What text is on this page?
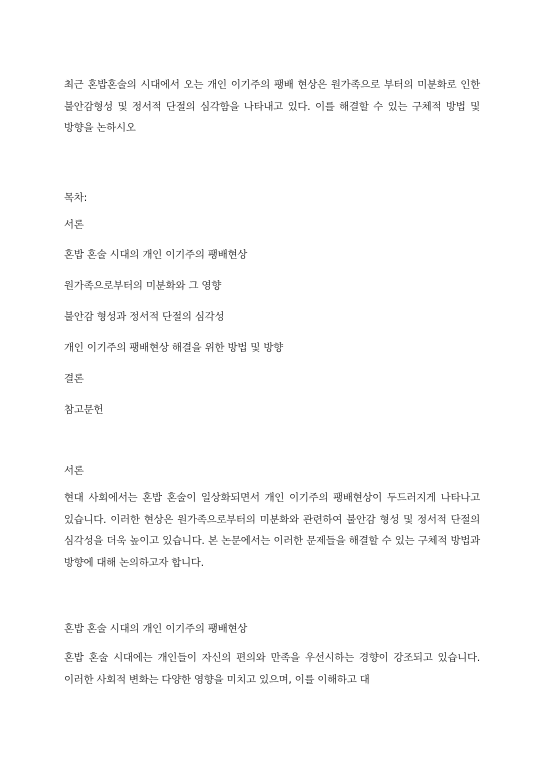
최근 혼밥혼술의 시대에서 오는 개인 이기주의 팽배 현상은 원가족으로 부터의 미분화로 인한 불안감형성 및 정서적 단절의 심각함을 나타내고 있다. 이를 해결할 수 있는 구체적 방법 및 방향을 논하시오

목차:

서론

혼밥 혼술 시대의 개인 이기주의 팽배현상

원가족으로부터의 미분화와 그 영향

불안감 형성과 정서적 단절의 심각성

개인 이기주의 팽배현상 해결을 위한 방법 및 방향

결론

참고문헌

서론

현대 사회에서는 혼밥 혼술이 일상화되면서 개인 이기주의 팽배현상이 두드러지게 나타나고 있습니다. 이러한 현상은 원가족으로부터의 미분화와 관련하여 불안감 형성 및 정서적 단절의 심각성을 더욱 높이고 있습니다. 본 논문에서는 이러한 문제들을 해결할 수 있는 구체적 방법과 방향에 대해 논의하고자 합니다.

혼밥 혼술 시대의 개인 이기주의 팽배현상

혼밥 혼술 시대에는 개인들이 자신의 편의와 만족을 우선시하는 경향이 강조되고 있습니다. 이러한 사회적 변화는 다양한 영향을 미치고 있으며, 이를 이해하고 대
